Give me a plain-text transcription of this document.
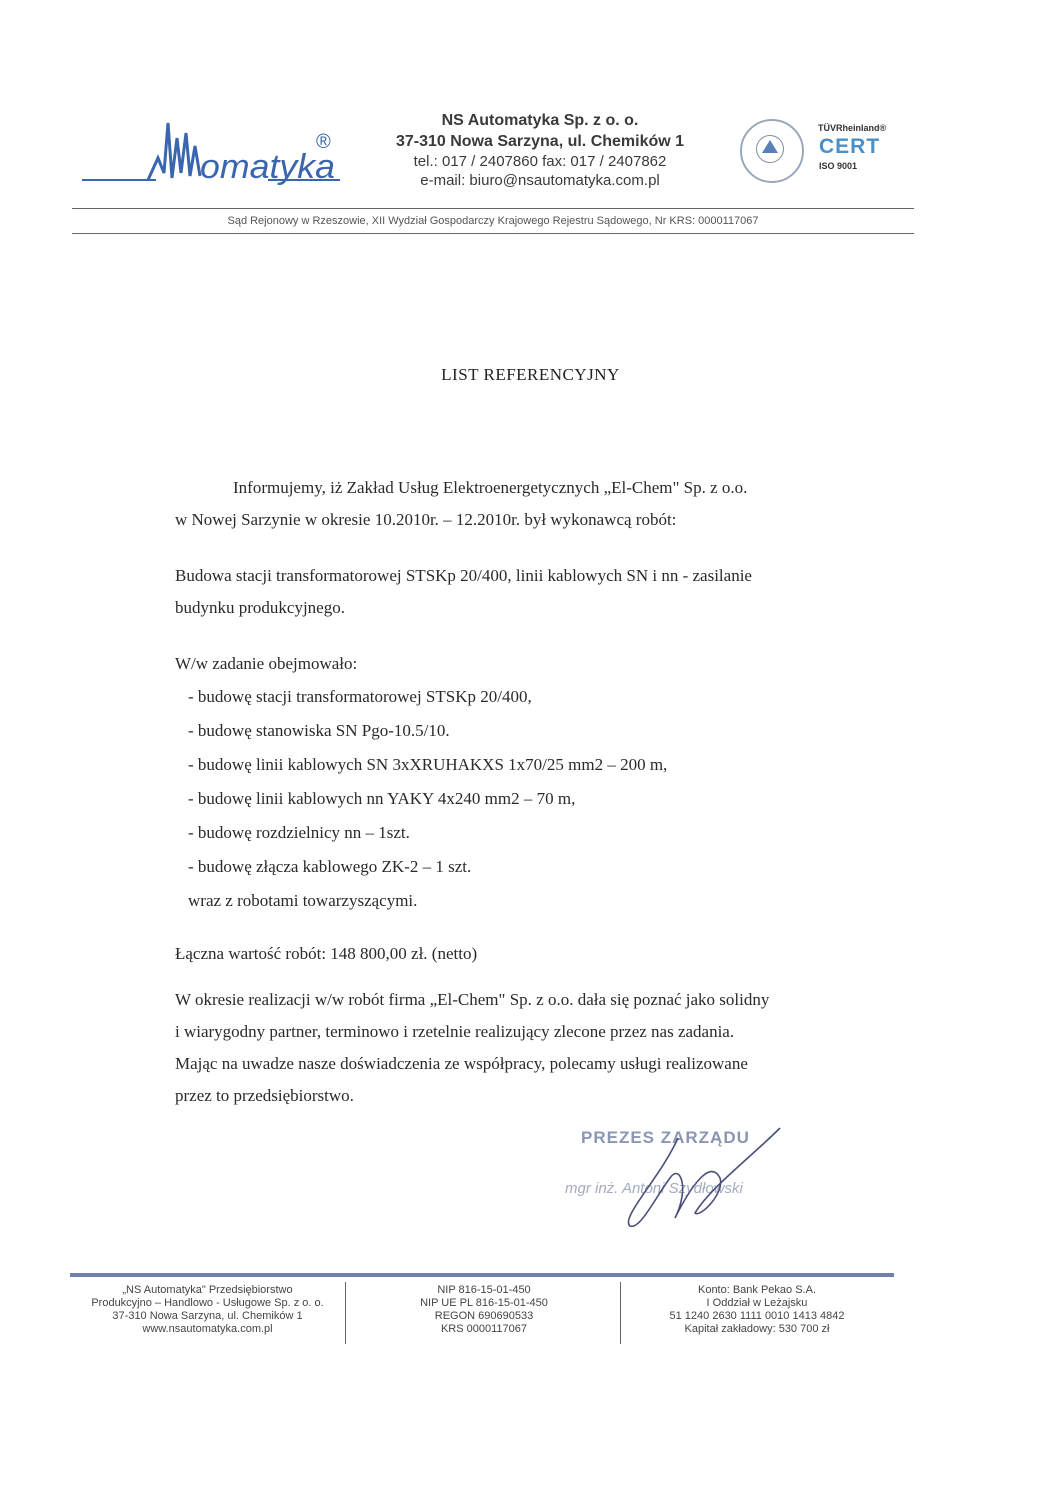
omatyka
®
NS Automatyka Sp. z o. o.
37-310 Nowa Sarzyna, ul. Chemików 1
tel.: 017 / 2407860 fax: 017 / 2407862
e-mail: biuro@nsautomatyka.com.pl
TÜVRheinland®
CERT
ISO 9001
Sąd Rejonowy w Rzeszowie, XII Wydział Gospodarczy Krajowego Rejestru Sądowego, Nr KRS: 0000117067
LIST REFERENCYJNY
Informujemy, iż Zakład Usług Elektroenergetycznych „El-Chem" Sp. z o.o.
w Nowej Sarzynie w okresie 10.2010r. – 12.2010r. był wykonawcą robót:
Budowa stacji transformatorowej STSKp 20/400, linii kablowych SN i nn - zasilanie
budynku produkcyjnego.
W/w zadanie obejmowało:
- budowę stacji transformatorowej STSKp 20/400,
- budowę stanowiska SN Pgo-10.5/10.
- budowę linii kablowych SN 3xXRUHAKXS 1x70/25 mm2 – 200 m,
- budowę linii kablowych nn YAKY 4x240 mm2 – 70 m,
- budowę rozdzielnicy nn – 1szt.
- budowę złącza kablowego ZK-2 – 1 szt.
wraz z robotami towarzyszącymi.
Łączna wartość robót: 148 800,00 zł. (netto)
W okresie realizacji w/w robót firma „El-Chem" Sp. z o.o. dała się poznać jako solidny
i wiarygodny partner, terminowo i rzetelnie realizujący zlecone przez nas zadania.
Mając na uwadze nasze doświadczenia ze współpracy, polecamy usługi realizowane
przez to przedsiębiorstwo.
PREZES ZARZĄDU
mgr inż. Antoni Szydłowski
„NS Automatyka" Przedsiębiorstwo
Produkcyjno – Handlowo - Usługowe Sp. z o. o.
37-310 Nowa Sarzyna, ul. Chemików 1
www.nsautomatyka.com.pl
NIP 816-15-01-450
NIP UE PL 816-15-01-450
REGON 690690533
KRS 0000117067
Konto: Bank Pekao S.A.
I Oddział w Leżajsku
51 1240 2630 1111 0010 1413 4842
Kapitał zakładowy: 530 700 zł
